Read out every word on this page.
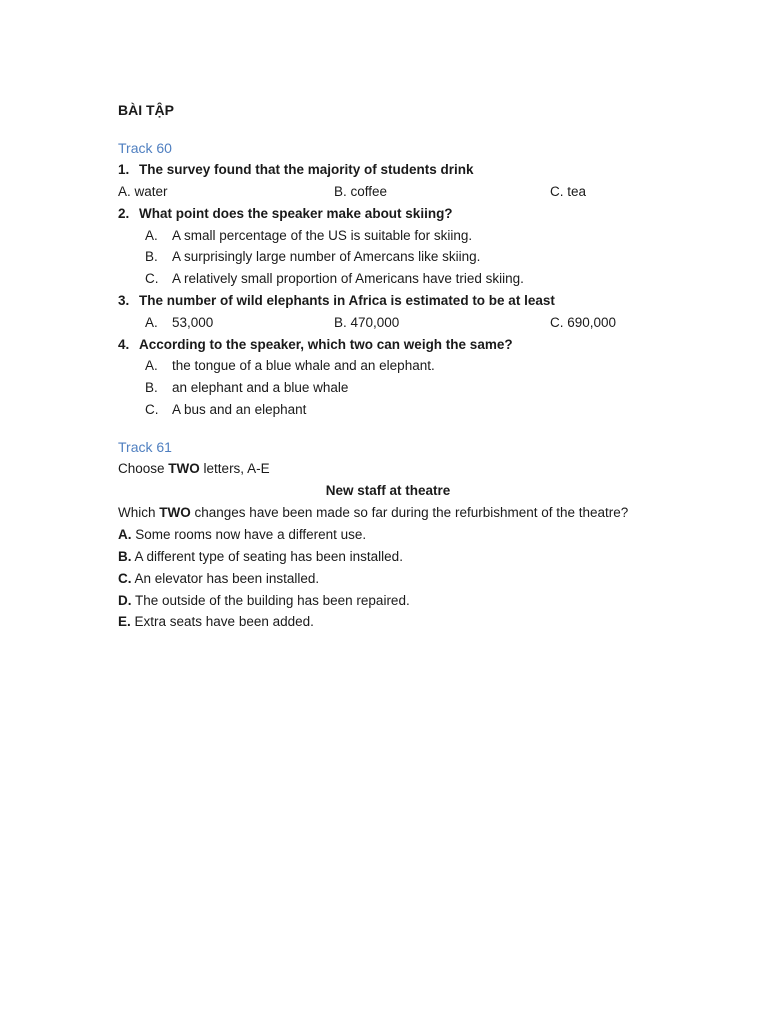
BÀI TẬP
Track 60
1. The survey found that the majority of students drink
A. water	B. coffee	C. tea
2. What point does the speaker make about skiing?
A. A small percentage of the US is suitable for skiing.
B. A surprisingly large number of Amercans like skiing.
C. A relatively small proportion of Americans have tried skiing.
3. The number of wild elephants in Africa is estimated to be at least
A. 53,000	B. 470,000	C. 690,000
4. According to the speaker, which two can weigh the same?
A. the tongue of a blue whale and an elephant.
B. an elephant and a blue whale
C. A bus and an elephant
Track 61
Choose TWO letters, A-E
New staff at theatre
Which TWO changes have been made so far during the refurbishment of the theatre?
A. Some rooms now have a different use.
B. A different type of seating has been installed.
C. An elevator has been installed.
D. The outside of the building has been repaired.
E. Extra seats have been added.
